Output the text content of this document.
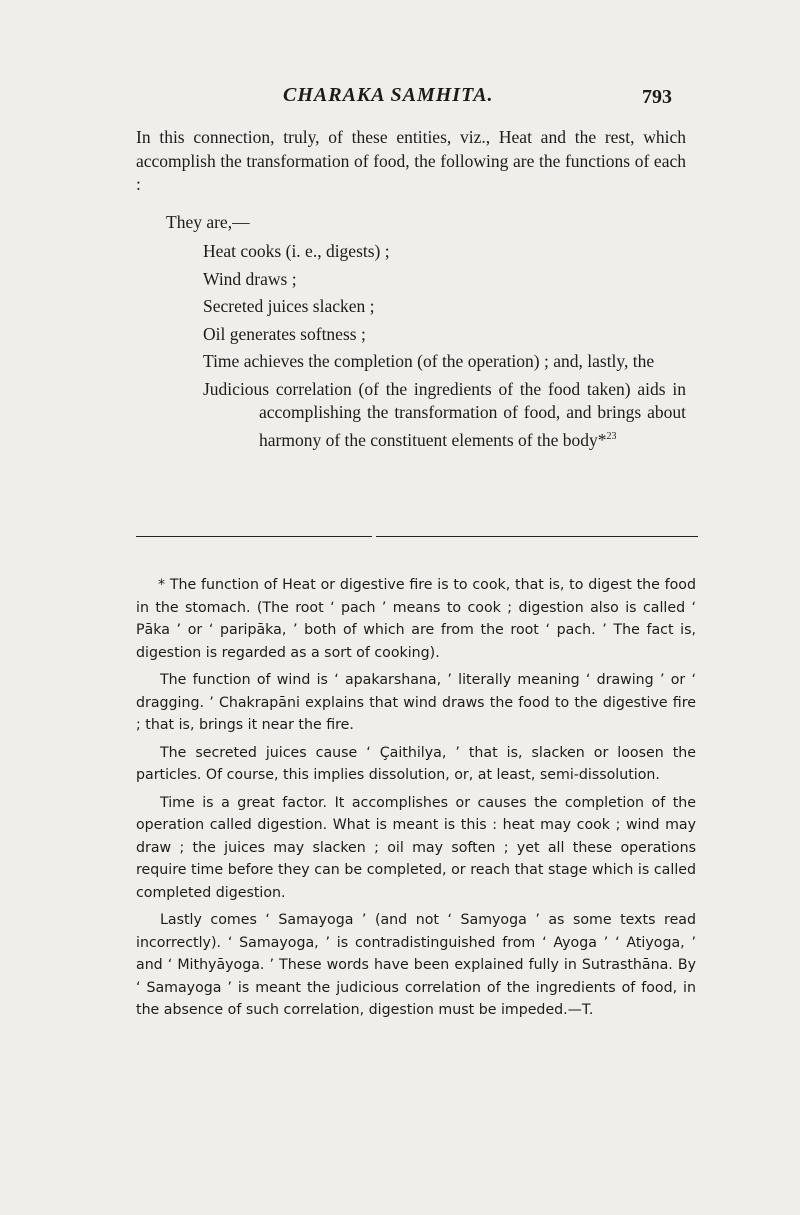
CHARAKA SAMHITA.	793

In this connection, truly, of these entities, viz., Heat and the rest, which accomplish the transformation of food, the following are the functions of each :

They are,—

Heat cooks (i. e., digests) ;
Wind draws ;
Secreted juices slacken ;
Oil generates softness ;
Time achieves the completion (of the operation) ; and, lastly, the
Judicious correlation (of the ingredients of the food taken) aids in accomplishing the transformation of food, and brings about harmony of the constituent elements of the body*$^{23}$

* The function of Heat or digestive fire is to cook, that is, to digest the food in the stomach. (The root ‘ pach ’ means to cook ; digestion also is called ‘ Pāka ’ or ‘ paripāka, ’ both of which are from the root ‘ pach. ’ The fact is, digestion is regarded as a sort of cooking).

The function of wind is ‘ apakarshana, ’ literally meaning ‘ drawing ’ or ‘ dragging. ’ Chakrapāni explains that wind draws the food to the digestive fire ; that is, brings it near the fire.

The secreted juices cause ‘ Çaithilya, ’ that is, slacken or loosen the particles. Of course, this implies dissolution, or, at least, semi-dissolution.

Time is a great factor. It accomplishes or causes the completion of the operation called digestion. What is meant is this : heat may cook ; wind may draw ; the juices may slacken ; oil may soften ; yet all these operations require time before they can be completed, or reach that stage which is called completed digestion.

Lastly comes ‘ Samayoga ’ (and not ‘ Samyoga ’ as some texts read incorrectly). ‘ Samayoga, ’ is contradistinguished from ‘ Ayoga ’ ‘ Atiyoga, ’ and ‘ Mithyāyoga. ’ These words have been explained fully in Sutrasthāna. By ‘ Samayoga ’ is meant the judicious correlation of the ingredients of food, in the absence of such correlation, digestion must be impeded.—T.
